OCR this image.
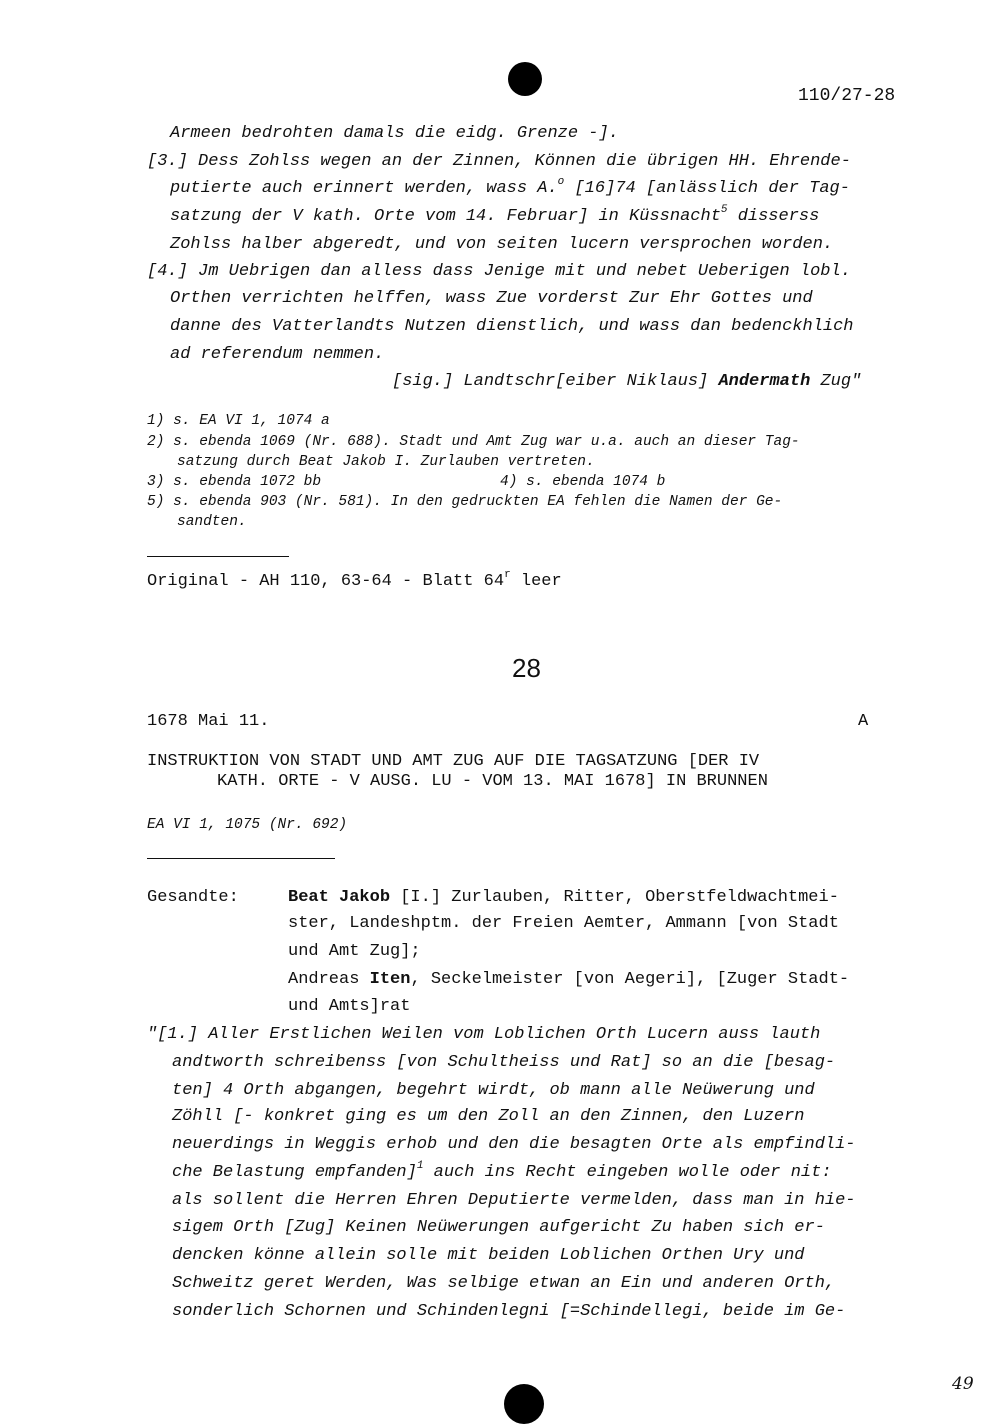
110/27-28
Armeen bedrohten damals die eidg. Grenze -].
[3.] Dess Zohlss wegen an der Zinnen, Können die übrigen HH. Ehrende-
putierte auch erinnert werden, wass A.$^o$ [16]74 [anlässlich der Tag-
satzung der V kath. Orte vom 14. Februar] in Küssnacht$^5$ disserss
Zohlss halber abgeredt, und von seiten lucern versprochen worden.
[4.] Jm Uebrigen dan alless dass Jenige mit und nebet Ueberigen lobl.
Orthen verrichten helffen, wass Zue vorderst Zur Ehr Gottes und
danne des Vatterlandts Nutzen dienstlich, und wass dan bedenckhlich
ad referendum nemmen.
[sig.] Landtschr[eiber Niklaus] Andermath Zug"
1) s. EA VI 1, 1074 a
2) s. ebenda 1069 (Nr. 688). Stadt und Amt Zug war u.a. auch an dieser Tag-
satzung durch Beat Jakob I. Zurlauben vertreten.
3) s. ebenda 1072 bb	4) s. ebenda 1074 b
5) s. ebenda 903 (Nr. 581). In den gedruckten EA fehlen die Namen der Ge-
sandten.
Original - AH 110, 63-64 - Blatt 64$^r$ leer
28
1678 Mai 11.	A
INSTRUKTION VON STADT UND AMT ZUG AUF DIE TAGSATZUNG [DER IV
KATH. ORTE - V AUSG. LU - VOM 13. MAI 1678] IN BRUNNEN
EA VI 1, 1075 (Nr. 692)
Gesandte:	Beat Jakob [I.] Zurlauben, Ritter, Oberstfeldwachtmei-
ster, Landeshptm. der Freien Aemter, Ammann [von Stadt
und Amt Zug];
Andreas Iten, Seckelmeister [von Aegeri], [Zuger Stadt-
und Amts]rat
"[1.] Aller Erstlichen Weilen vom Loblichen Orth Lucern auss lauth
andtworth schreibenss [von Schultheiss und Rat] so an die [besag-
ten] 4 Orth abgangen, begehrt wirdt, ob mann alle Neüwerung und
Zöhll [- konkret ging es um den Zoll an den Zinnen, den Luzern
neuerdings in Weggis erhob und den die besagten Orte als empfindli-
che Belastung empfanden]$^1$ auch ins Recht eingeben wolle oder nit:
als sollent die Herren Ehren Deputierte vermelden, dass man in hie-
sigem Orth [Zug] Keinen Neüwerungen aufgericht Zu haben sich er-
dencken könne allein solle mit beiden Loblichen Orthen Ury und
Schweitz geret Werden, Was selbige etwan an Ein und anderen Orth,
sonderlich Schornen und Schindenlegni [=Schindellegi, beide im Ge-
49
